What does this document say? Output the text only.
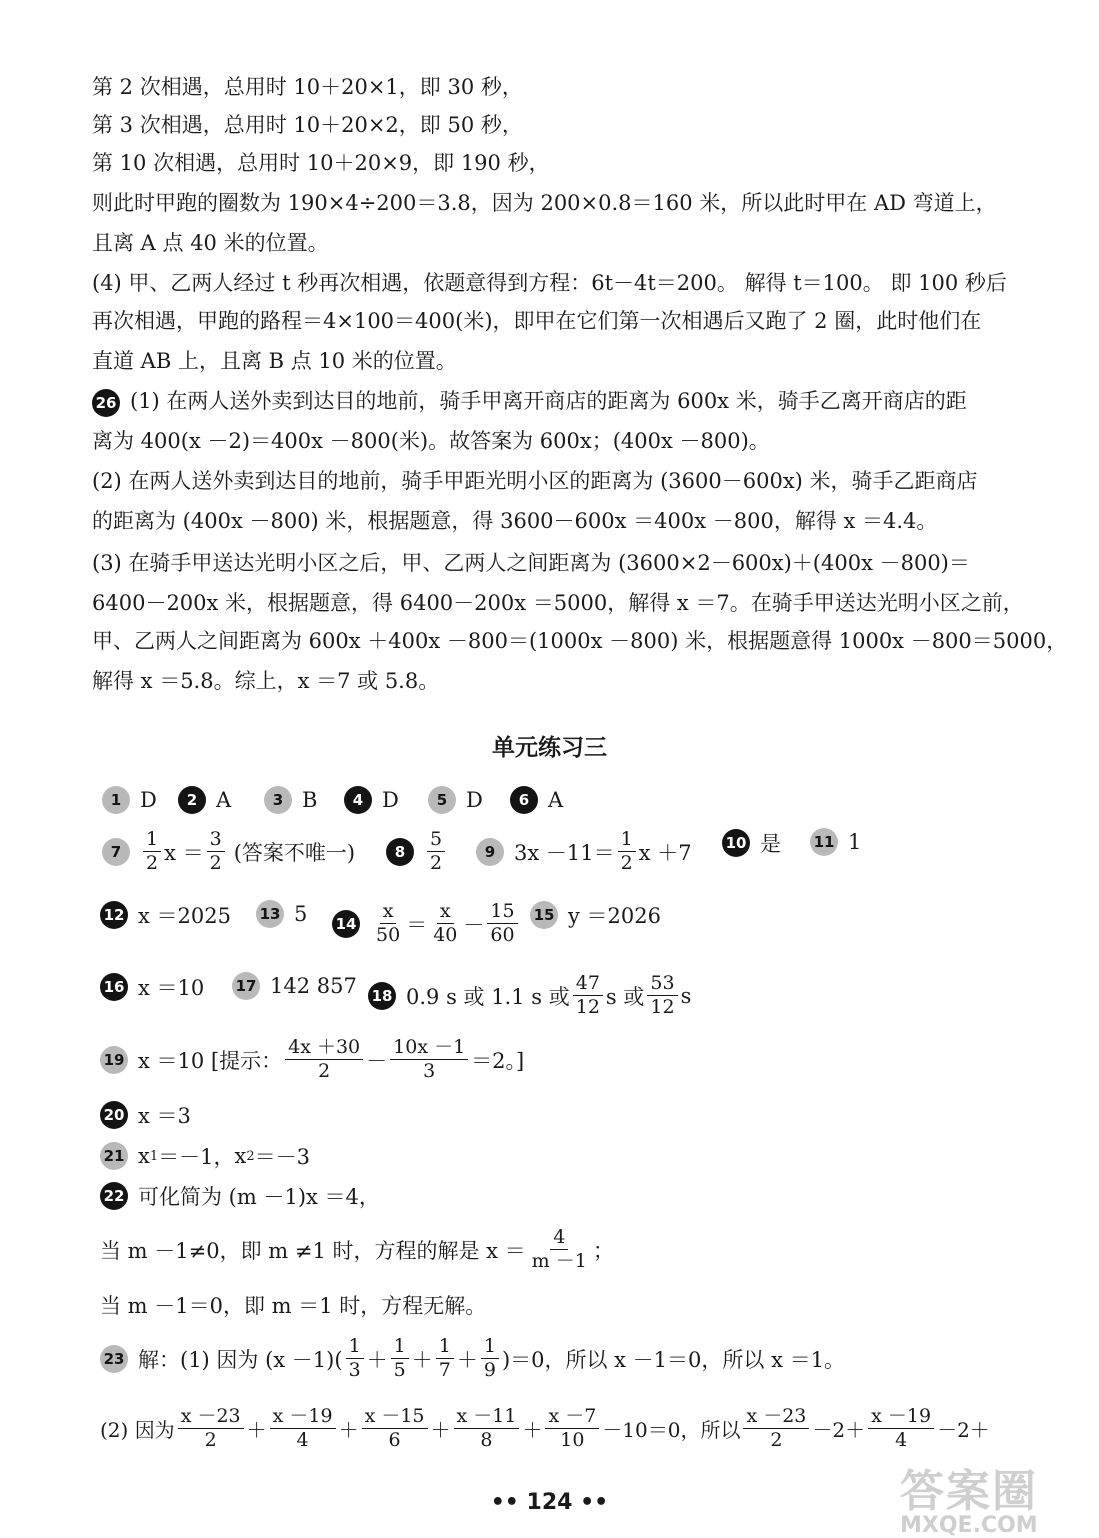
第 2 次相遇，总用时 10＋20×1，即 30 秒，
第 3 次相遇，总用时 10＋20×2，即 50 秒，
第 10 次相遇，总用时 10＋20×9，即 190 秒，
则此时甲跑的圈数为 190×4÷200＝3.8，因为 200×0.8＝160 米，所以此时甲在 AD 弯道上，
且离 A 点 40 米的位置。
(4) 甲、乙两人经过 t 秒再次相遇，依题意得到方程：6t－4t＝200。 解得 t＝100。 即 100 秒后
再次相遇，甲跑的路程＝4×100＝400(米)，即甲在它们第一次相遇后又跑了 2 圈，此时他们在
直道 AB 上，且离 B 点 10 米的位置。
26 (1) 在两人送外卖到达目的地前，骑手甲离开商店的距离为 600x 米，骑手乙离开商店的距
离为 400(x －2)＝400x －800(米)。故答案为 600x；(400x －800)。
(2) 在两人送外卖到达目的地前，骑手甲距光明小区的距离为 (3600－600x) 米，骑手乙距商店
的距离为 (400x －800) 米，根据题意，得 3600－600x ＝400x －800，解得 x ＝4.4。
(3) 在骑手甲送达光明小区之后，甲、乙两人之间距离为 (3600×2－600x)＋(400x －800)＝
6400－200x 米，根据题意，得 6400－200x ＝5000，解得 x ＝7。在骑手甲送达光明小区之前，
甲、乙两人之间距离为 600x ＋400x －800＝(1000x －800) 米，根据题意得 1000x －800＝5000，
解得 x ＝5.8。综上，x ＝7 或 5.8。
单元练习三
1 D	2 A	3 B	4 D	5 D	6 A
7	$\frac{1}{2}$ $x = \frac{3}{2}$ (答案不唯一)	8	$\frac{5}{2}$	9 $3x -11= \frac{1}{2}$ x ＋7 10 是 11 1
12 x ＝2025 13 5 $14 \frac{x}{50} = \frac{x}{40} - \frac{15}{60} 15$ y ＝2026
16 x ＝10 17 142 857 18 0.9 s 或 1.1 s 或 $\frac{47}{12}$ s 或 $\frac{53}{12}$ s
19 x ＝10 [提示： $\frac{4x +30}{2} - \frac{10x -1}{3} =2$。]
20 x ＝3
21 x 1 ＝－1， x 2 ＝－3
22 可化简为 (m －1)x ＝4，
当 m －1≠0，即 m ≠1 时，方程的解是 $x = \frac{4}{m -1}$ ；
当 m －1＝0，即 m ＝1 时，方程无解。
23 解：(1) 因为 $(x -1)( \frac{1}{3} + \frac{1}{5} + \frac{1}{7} + \frac{1}{9} )=0$，所以 x －1＝0，所以 x ＝1。
(2) 因为 $\frac{x -23}{2} + \frac{x -19}{4} + \frac{x -15}{6} + \frac{x -11}{8} + \frac{x -7}{10} -10=0$，所以 $\frac{x -23}{2} -2+ \frac{x -19}{4} -2+$
•• 124 ••	答案圈
MXQE.COM
